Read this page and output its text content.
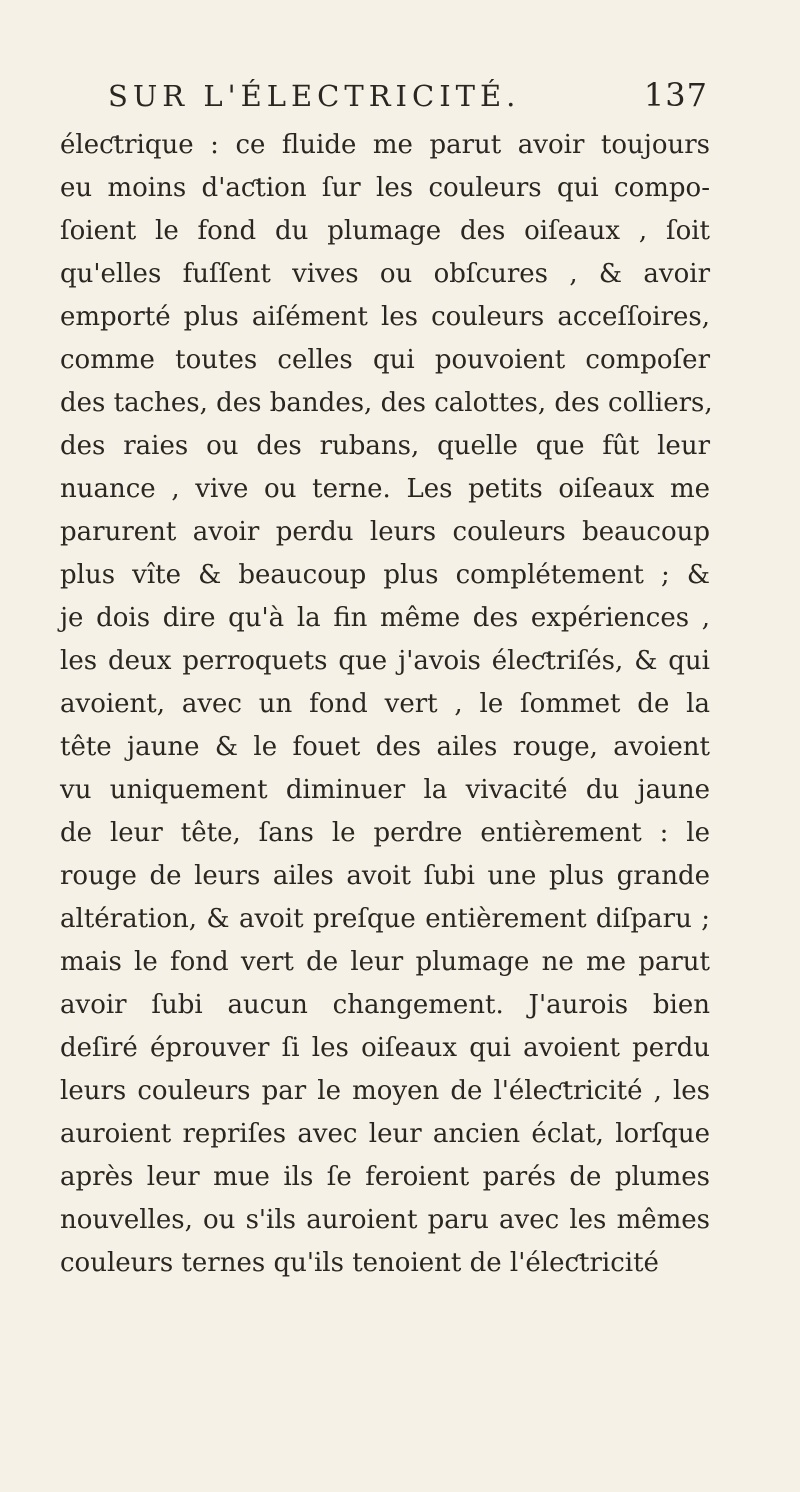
SUR L'ÉLECTRICITÉ.	137
éleƈtrique : ce fluide me parut avoir toujours
eu moins d'aƈtion ſur les couleurs qui compo-
ſoient le fond du plumage des oiſeaux , ſoit
qu'elles fuſſent vives ou obſcures , & avoir
emporté plus aiſément les couleurs acceſſoires,
comme toutes celles qui pouvoient compoſer
des taches, des bandes, des calottes, des colliers,
des raies ou des rubans, quelle que fût leur
nuance , vive ou terne. Les petits oiſeaux me
parurent avoir perdu leurs couleurs beaucoup
plus vîte & beaucoup plus complétement ; &
je dois dire qu'à la fin même des expériences ,
les deux perroquets que j'avois éleƈtriſés, & qui
avoient, avec un fond vert , le ſommet de la
tête jaune & le fouet des ailes rouge, avoient
vu uniquement diminuer la vivacité du jaune
de leur tête, ſans le perdre entièrement : le
rouge de leurs ailes avoit ſubi une plus grande
altération, & avoit preſque entièrement diſparu ;
mais le fond vert de leur plumage ne me parut
avoir ſubi aucun changement. J'aurois bien
deſiré éprouver ſi les oiſeaux qui avoient perdu
leurs couleurs par le moyen de l'éleƈtricité , les
auroient repriſes avec leur ancien éclat, lorſque
après leur mue ils ſe feroient parés de plumes
nouvelles, ou s'ils auroient paru avec les mêmes
couleurs ternes qu'ils tenoient de l'éleƈtricité
